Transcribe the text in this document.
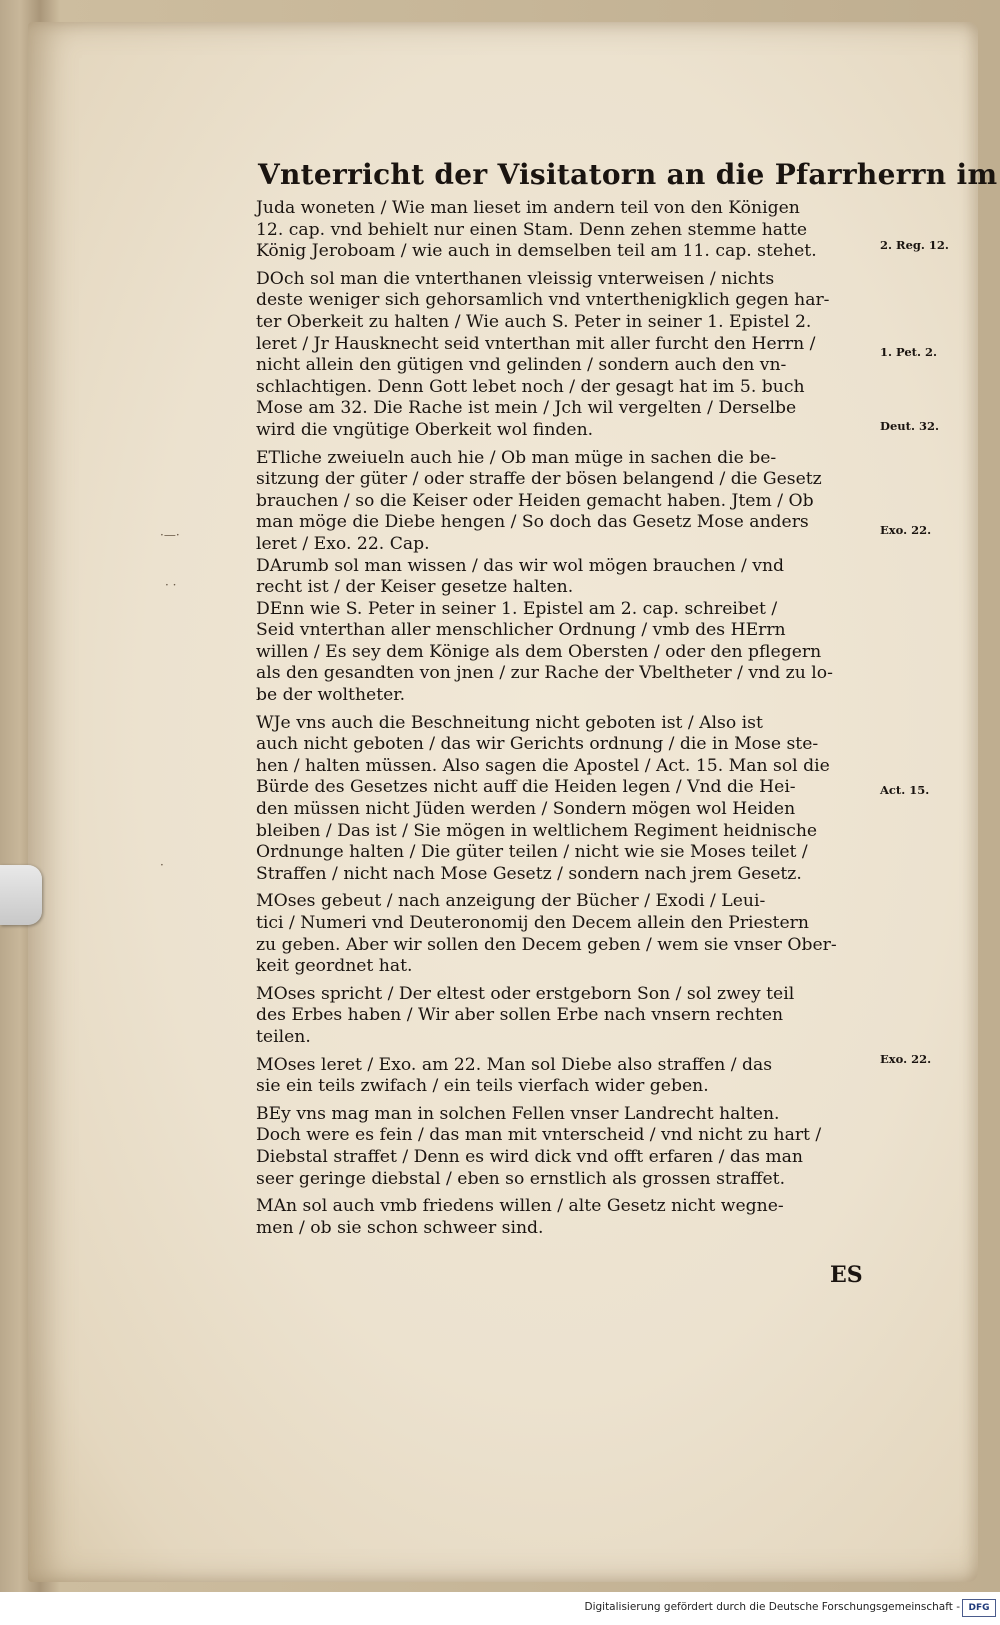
·—·
· ·
·
Vnterricht der Visitatorn an die Pfarrherrn im
Juda woneten / Wie man lieset im andern teil von den Königen
12. cap. vnd behielt nur einen Stam. Denn zehen stemme hatte
König Jeroboam / wie auch in demselben teil am 11. cap. stehet.
DOch sol man die vnterthanen vleissig vnterweisen / nichts
deste weniger sich gehorsamlich vnd vnterthenigklich gegen har-
ter Oberkeit zu halten / Wie auch S. Peter in seiner 1. Epistel 2.
leret / Jr Hausknecht seid vnterthan mit aller furcht den Herrn /
nicht allein den gütigen vnd gelinden / sondern auch den vn-
schlachtigen. Denn Gott lebet noch / der gesagt hat im 5. buch
Mose am 32. Die Rache ist mein / Jch wil vergelten / Derselbe
wird die vngütige Oberkeit wol finden.
ETliche zweiueln auch hie / Ob man müge in sachen die be-
sitzung der güter / oder straffe der bösen belangend / die Gesetz
brauchen / so die Keiser oder Heiden gemacht haben. Jtem / Ob
man möge die Diebe hengen / So doch das Gesetz Mose anders
leret / Exo. 22. Cap.
DArumb sol man wissen / das wir wol mögen brauchen / vnd
recht ist / der Keiser gesetze halten.
DEnn wie S. Peter in seiner 1. Epistel am 2. cap. schreibet /
Seid vnterthan aller menschlicher Ordnung / vmb des HErrn
willen / Es sey dem Könige als dem Obersten / oder den pflegern
als den gesandten von jnen / zur Rache der Vbeltheter / vnd zu lo-
be der woltheter.
WJe vns auch die Beschneitung nicht geboten ist / Also ist
auch nicht geboten / das wir Gerichts ordnung / die in Mose ste-
hen / halten müssen. Also sagen die Apostel / Act. 15. Man sol die
Bürde des Gesetzes nicht auff die Heiden legen / Vnd die Hei-
den müssen nicht Jüden werden / Sondern mögen wol Heiden
bleiben / Das ist / Sie mögen in weltlichem Regiment heidnische
Ordnunge halten / Die güter teilen / nicht wie sie Moses teilet /
Straffen / nicht nach Mose Gesetz / sondern nach jrem Gesetz.
MOses gebeut / nach anzeigung der Bücher / Exodi / Leui-
tici / Numeri vnd Deuteronomij den Decem allein den Priestern
zu geben. Aber wir sollen den Decem geben / wem sie vnser Ober-
keit geordnet hat.
MOses spricht / Der eltest oder erstgeborn Son / sol zwey teil
des Erbes haben / Wir aber sollen Erbe nach vnsern rechten
teilen.
MOses leret / Exo. am 22. Man sol Diebe also straffen / das
sie ein teils zwifach / ein teils vierfach wider geben.
BEy vns mag man in solchen Fellen vnser Landrecht halten.
Doch were es fein / das man mit vnterscheid / vnd nicht zu hart /
Diebstal straffet / Denn es wird dick vnd offt erfaren / das man
seer geringe diebstal / eben so ernstlich als grossen straffet.
MAn sol auch vmb friedens willen / alte Gesetz nicht wegne-
men / ob sie schon schweer sind.
2. Reg. 12.
1. Pet. 2.
Deut. 32.
Exo. 22.
Act. 15.
Exo. 22.
ES
Digitalisierung gefördert durch die Deutsche Forschungsgemeinschaft - DFG
